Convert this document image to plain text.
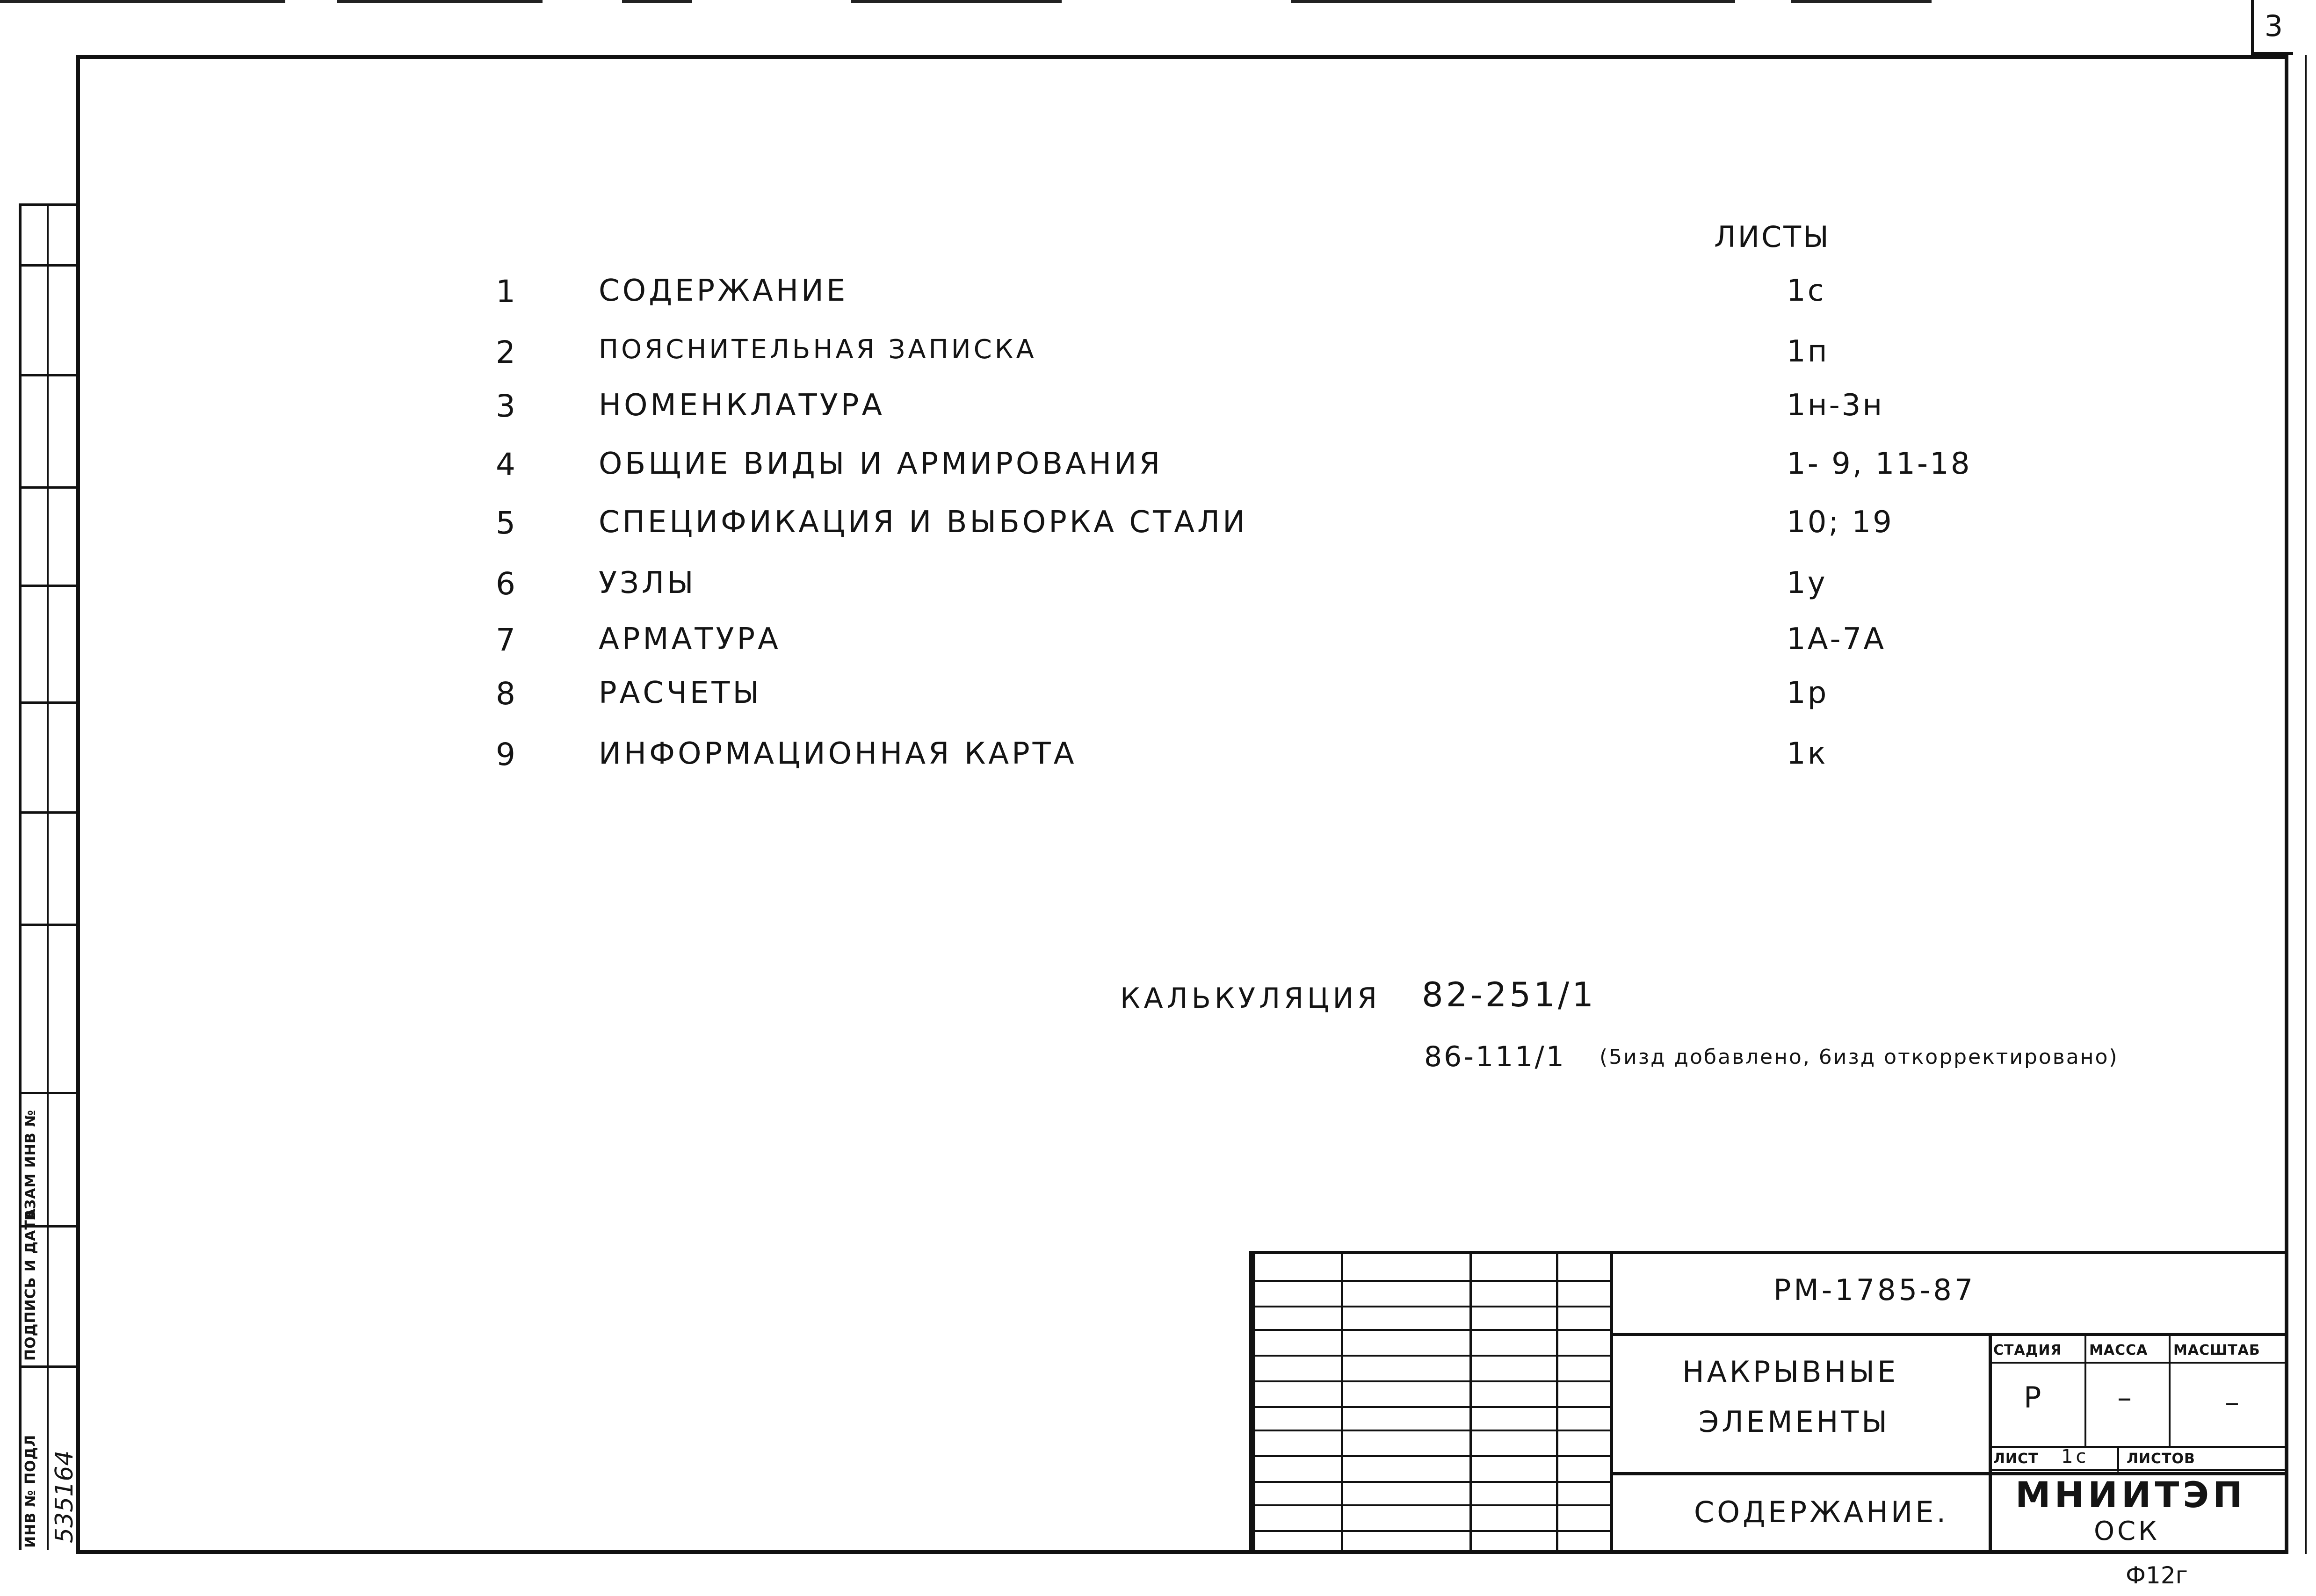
3
ВЗАМ ИНВ №
ПОДПИСЬ И ДАТА
ИНВ № ПОДЛ 535164
ЛИСТЫ
1	СОДЕРЖАНИЕ	1с
2	ПОЯСНИТЕЛЬНАЯ ЗАПИСКА	1п
3	НОМЕНКЛАТУРА	1н-3н
4	ОБЩИЕ ВИДЫ И АРМИРОВАНИЯ	1- 9, 11-18
5	СПЕЦИФИКАЦИЯ И ВЫБОРКА СТАЛИ	10; 19
6	УЗЛЫ	1у
7	АРМАТУРА	1А-7А
8	РАСЧЕТЫ	1р
9	ИНФОРМАЦИОННАЯ КАРТА	1к
КАЛЬКУЛЯЦИЯ 82-251/1
86-111/1 (5изд добавлено, 6изд откорректировано)
РМ-1785-87
НАКРЫВНЫЕ
ЭЛЕМЕНТЫ
СОДЕРЖАНИЕ.
СТАДИЯ МАССА МАСШТАБ
Р	–	–
ЛИСТ 1с	ЛИСТОВ
МНИИТЭП
ОСК
Ф12г
